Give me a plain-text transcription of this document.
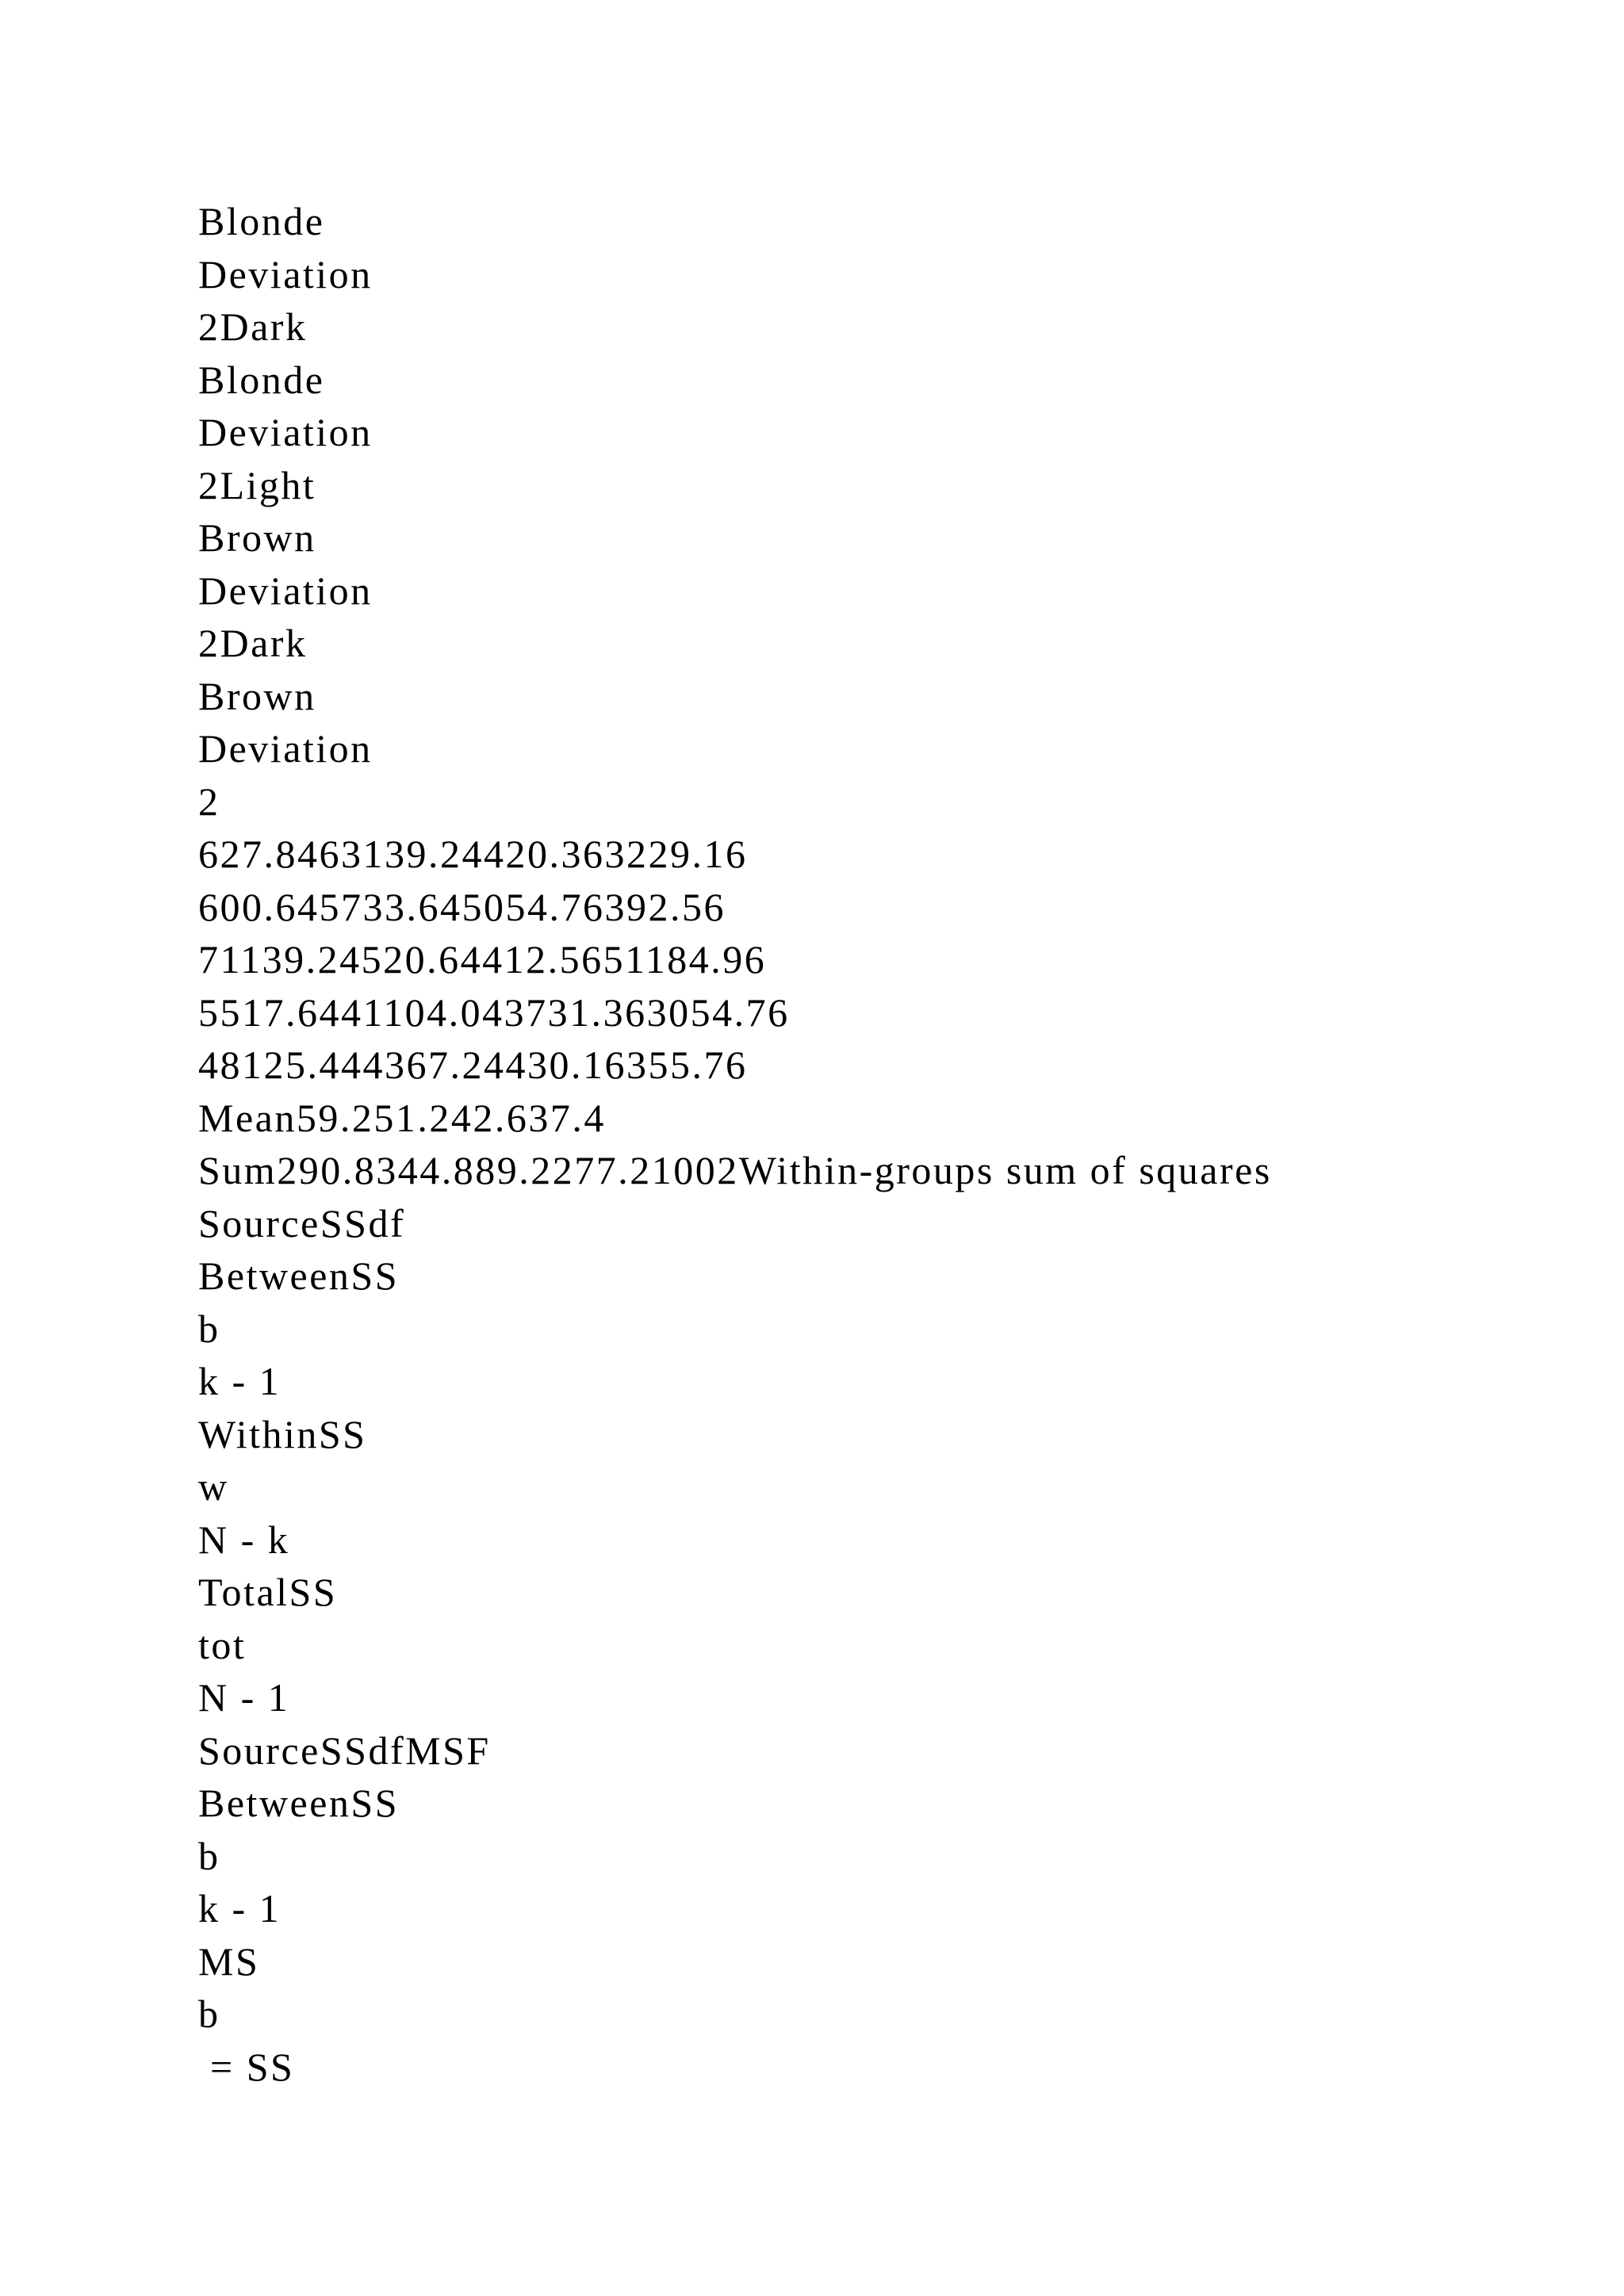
Blonde
Deviation
2Dark
Blonde
Deviation
2Light
Brown
Deviation
2Dark
Brown
Deviation
2
627.8463139.24420.363229.16
600.645733.645054.76392.56
71139.24520.64412.5651184.96
5517.6441104.043731.363054.76
48125.444367.24430.16355.76
Mean59.251.242.637.4
Sum290.8344.889.2277.21002Within-groups sum of squares
SourceSSdf
BetweenSS
b
k - 1
WithinSS
w
N - k
TotalSS
tot
N - 1
SourceSSdfMSF
BetweenSS
b
k - 1
MS
b
= SS
